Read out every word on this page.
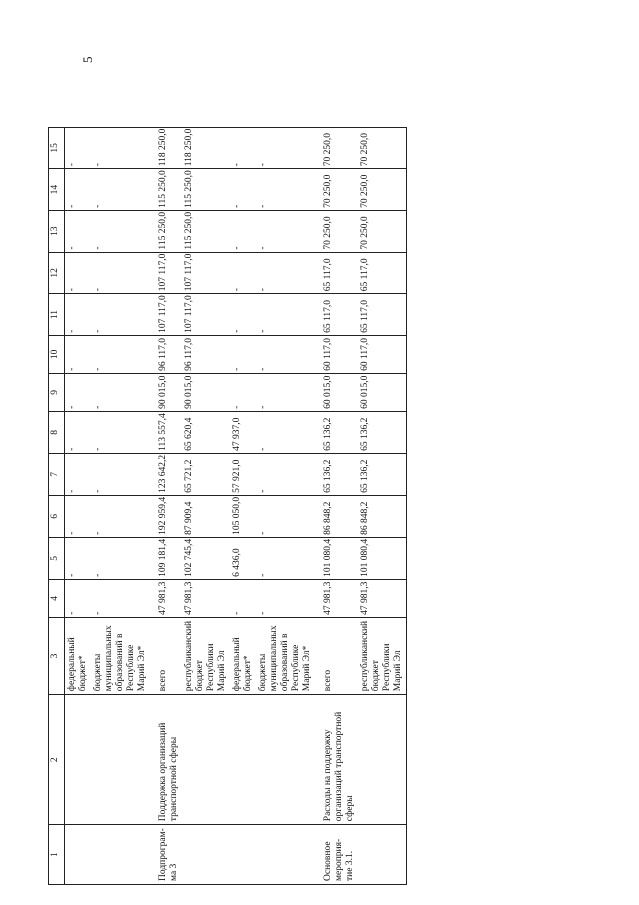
5
1	2	3	4	5	6	7	8	9	10	11	12	13	14	15
		федеральный бюджет*	-	-	-	-	-	-	-	-	-	-	-	-
		бюджеты муниципальных образований в Республике Марий Эл*	-	-	-	-	-	-	-	-	-	-	-	-
Подпрограм-ма 3	Поддержка организаций транспортной сферы	всего	47 981,3	109 181,4	192 959,4	123 642,2	113 557,4	90 015,0	96 117,0	107 117,0	107 117,0	115 250,0	115 250,0	118 250,0
		республиканский бюджет Республики Марий Эл	47 981,3	102 745,4	87 909,4	65 721,2	65 620,4	90 015,0	96 117,0	107 117,0	107 117,0	115 250,0	115 250,0	118 250,0
		федеральный бюджет*	-	6 436,0	105 050,0	57 921,0	47 937,0	-	-	-	-	-	-	-
		бюджеты муниципальных образований в Республике Марий Эл*	-	-	-	-	-	-	-	-	-	-	-	-
Основное мероприя-тие 3.1.	Расходы на поддержку организаций транспортной сферы	всего	47 981,3	101 080,4	86 848,2	65 136,2	65 136,2	60 015,0	60 117,0	65 117,0	65 117,0	70 250,0	70 250,0	70 250,0
		республиканский бюджет Республики Марий Эл	47 981,3	101 080,4	86 848,2	65 136,2	65 136,2	60 015,0	60 117,0	65 117,0	65 117,0	70 250,0	70 250,0	70 250,0
